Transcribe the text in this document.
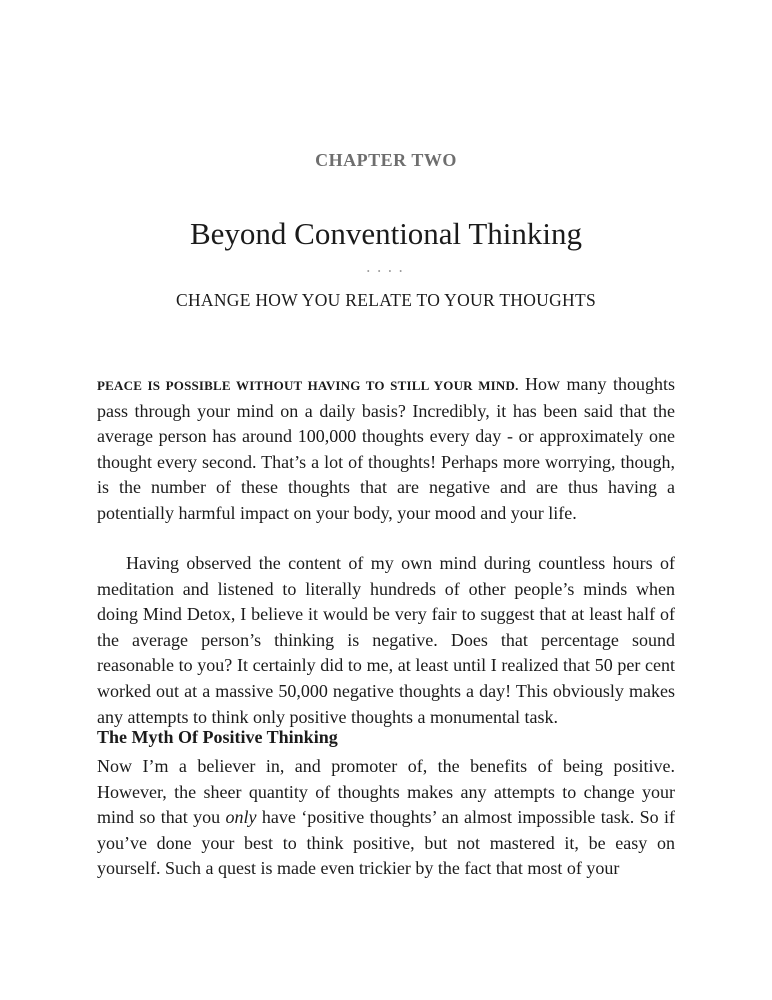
CHAPTER TWO
Beyond Conventional Thinking
• • • •
CHANGE HOW YOU RELATE TO YOUR THOUGHTS

PEACE IS POSSIBLE WITHOUT HAVING TO STILL YOUR MIND. How many thoughts pass through your mind on a daily basis? Incredibly, it has been said that the average person has around 100,000 thoughts every day - or approximately one thought every second. That’s a lot of thoughts! Perhaps more worrying, though, is the number of these thoughts that are negative and are thus having a potentially harmful impact on your body, your mood and your life.

Having observed the content of my own mind during countless hours of meditation and listened to literally hundreds of other people’s minds when doing Mind Detox, I believe it would be very fair to suggest that at least half of the average person’s thinking is negative. Does that percentage sound reasonable to you? It certainly did to me, at least until I realized that 50 per cent worked out at a massive 50,000 negative thoughts a day! This obviously makes any attempts to think only positive thoughts a monumental task.

The Myth Of Positive Thinking

Now I’m a believer in, and promoter of, the benefits of being positive. However, the sheer quantity of thoughts makes any attempts to change your mind so that you only have ‘positive thoughts’ an almost impossible task. So if you’ve done your best to think positive, but not mastered it, be easy on yourself. Such a quest is made even trickier by the fact that most of your
